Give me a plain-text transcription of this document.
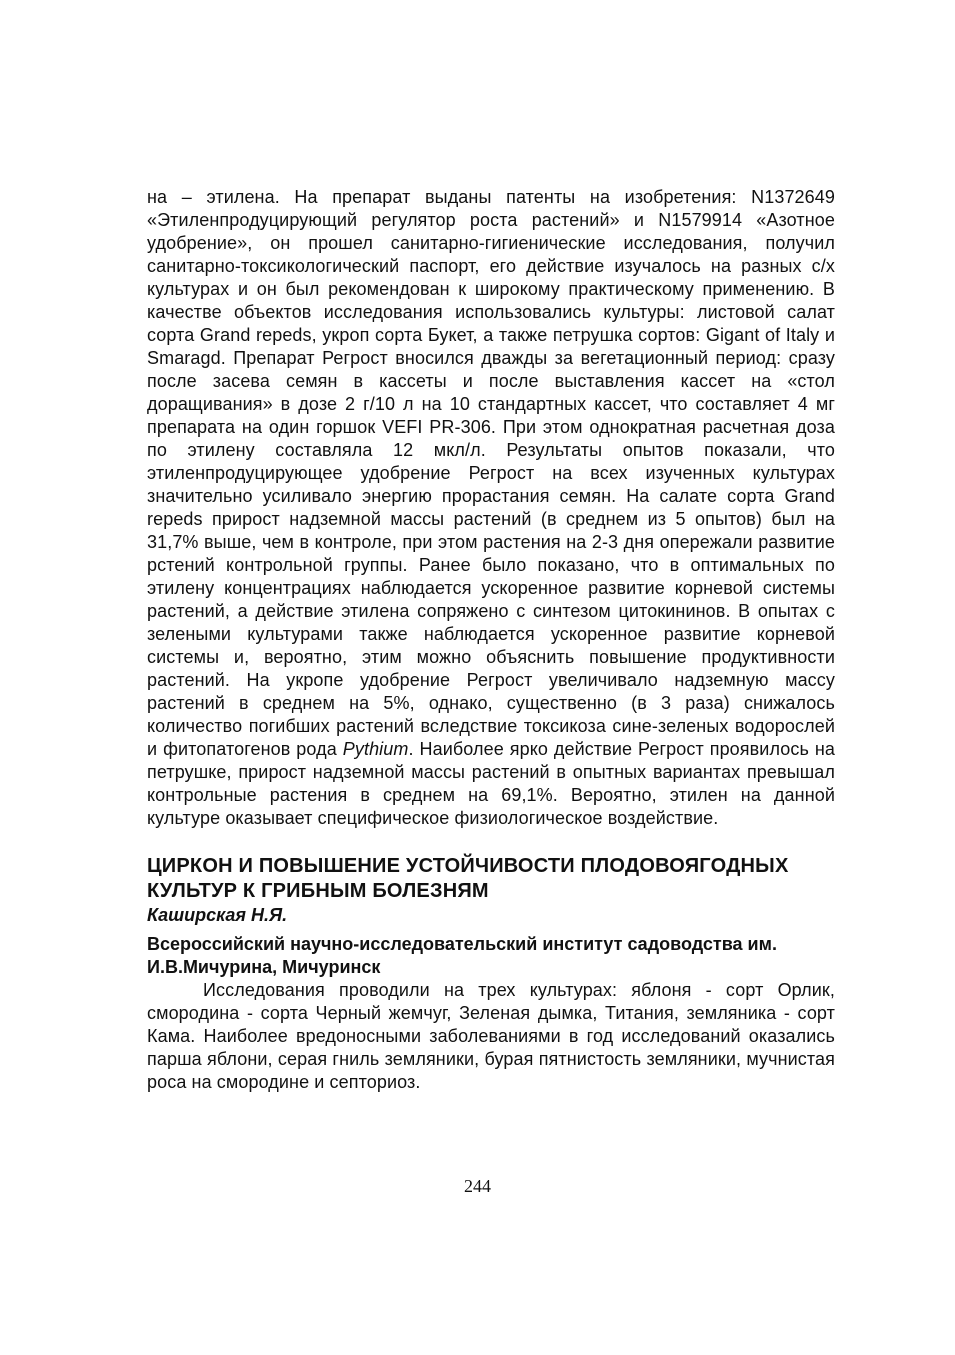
на – этилена. На препарат выданы патенты на изобретения: N1372649 «Этиленпродуцирующий регулятор роста растений» и N1579914 «Азотное удобрение», он прошел санитарно-гигиенические исследования, получил санитарно-токсикологический паспорт, его действие изучалось на разных с/х культурах и он был рекомендован к широкому практическому применению. В качестве объектов исследования использовались культуры: листовой салат сорта Grand repeds, укроп сорта Букет, а также петрушка сортов: Gigant of Italy и Smaragd. Препарат Регрост вносился дважды за вегетационный период: сразу после засева семян в кассеты и после выставления кассет на «стол доращивания» в дозе 2 г/10 л на 10 стандартных кассет, что составляет 4 мг препарата на один горшок VEFI PR-306. При этом однократная расчетная доза по этилену составляла 12 мкл/л. Результаты опытов показали, что этиленпродуцирующее удобрение Регрост на всех изученных культурах значительно усиливало энергию прорастания семян. На салате сорта Grand repeds прирост надземной массы растений (в среднем из 5 опытов) был на 31,7% выше, чем в контроле, при этом растения на 2-3 дня опережали развитие рстений контрольной группы. Ранее было показано, что в оптимальных по этилену концентрациях наблюдается ускоренное развитие корневой системы растений, а действие этилена сопряжено с синтезом цитокининов. В опытах с зелеными культурами также наблюдается ускоренное развитие корневой системы и, вероятно, этим можно объяснить повышение продуктивности растений. На укропе удобрение Регрост увеличивало надземную массу растений в среднем на 5%, однако, существенно (в 3 раза) снижалось количество погибших растений вследствие токсикоза сине-зеленых водорослей и фитопатогенов рода Pythium. Наиболее ярко действие Регрост проявилось на петрушке, прирост надземной массы растений в опытных вариантах превышал контрольные растения в среднем на 69,1%. Вероятно, этилен на данной культуре оказывает специфическое физиологическое воздействие.

ЦИРКОН И ПОВЫШЕНИЕ УСТОЙЧИВОСТИ ПЛОДОВОЯГОДНЫХ КУЛЬТУР К ГРИБНЫМ БОЛЕЗНЯМ

Каширская Н.Я.

Всероссийский научно-исследовательский институт садоводства им. И.В.Мичурина, Мичуринск

Исследования проводили на трех культурах: яблоня - сорт Орлик, смородина - сорта Черный жемчуг, Зеленая дымка, Титания, земляника - сорт Кама. Наиболее вредоносными заболеваниями в год исследований оказались парша яблони, серая гниль земляники, бурая пятнистость земляники, мучнистая роса на смородине и септориоз.

244
